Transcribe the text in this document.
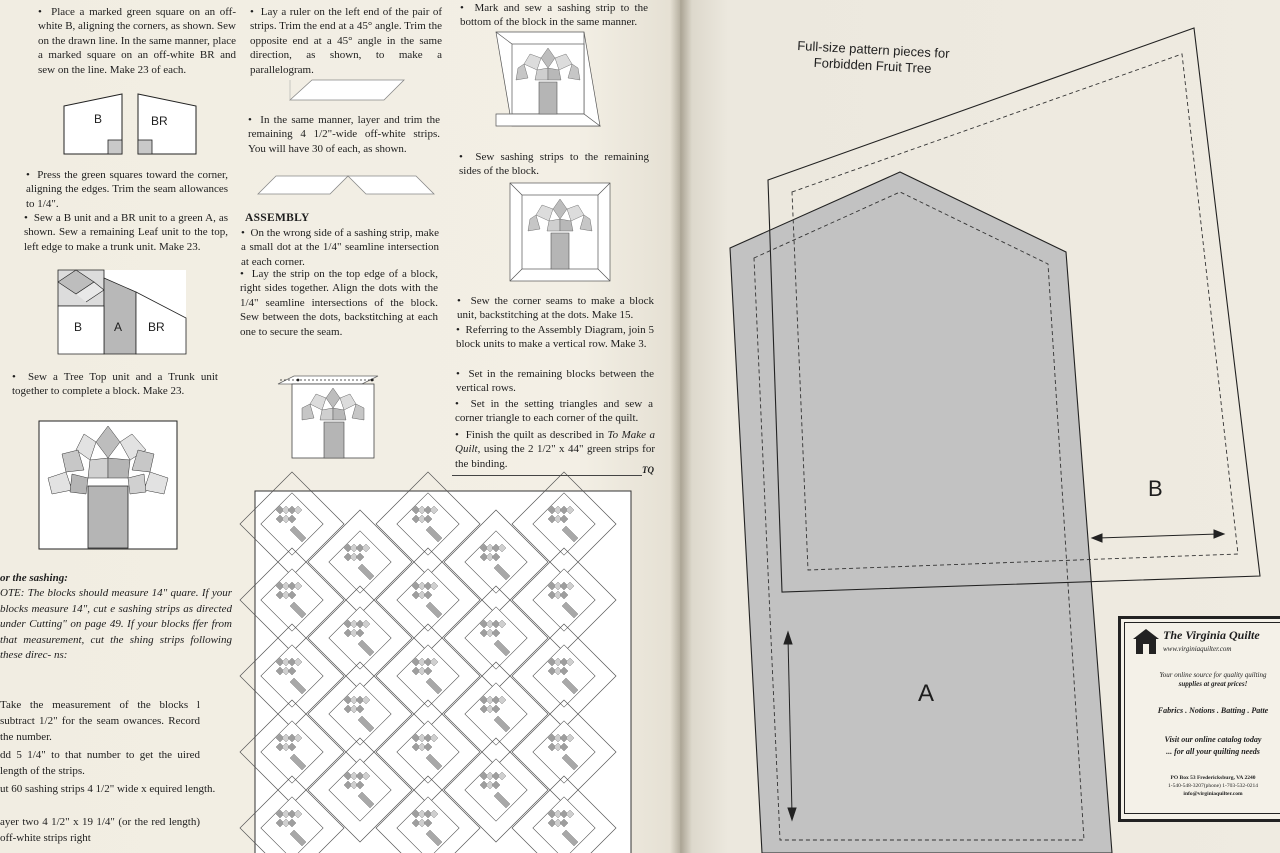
•  Place a marked green square on an off-white B, aligning the corners, as shown. Sew on the drawn line. In the same manner, place a marked square on an off-white BR and sew on the line. Make 23 of each.

B	BR

•  Press the green squares toward the corner, aligning the edges. Trim the seam allowances to 1/4".

•  Sew a B unit and a BR unit to a green A, as shown. Sew a remaining Leaf unit to the top, left edge to make a trunk unit. Make 23.

B	A BR

•  Sew a Tree Top unit and a Trunk unit together to complete a block. Make 23.

or the sashing:

OTE: The blocks should measure 14" quare. If your blocks measure 14", cut e sashing strips as directed under Cutting" on page 49. If your blocks ffer from that measurement, cut the shing strips following these direc- ns:

Take the measurement of the blocks l subtract 1/2" for the seam owances. Record the number.

dd 5 1/4" to that number to get the uired length of the strips.

ut 60 sashing strips 4 1/2" wide x equired length.

ayer two 4 1/2" x 19 1/4" (or the red length) off-white strips right

•  Lay a ruler on the left end of the pair of strips. Trim the end at a 45° angle. Trim the opposite end at a 45° angle in the same direction, as shown, to make a parallelogram.

•  In the same manner, layer and trim the remaining 4 1/2"-wide off-white strips. You will have 30 of each, as shown.

ASSEMBLY

•  On the wrong side of a sashing strip, make a small dot at the 1/4" seamline intersection at each corner.

•  Lay the strip on the top edge of a block, right sides together. Align the dots with the 1/4" seamline intersections of the block. Sew between the dots, backstitching at each one to secure the seam.

•  Mark and sew a sashing strip to the bottom of the block in the same manner.

•  Sew sashing strips to the remaining sides of the block.

•  Sew the corner seams to make a block unit, backstitching at the dots. Make 15.

•  Referring to the Assembly Diagram, join 5 block units to make a vertical row. Make 3.

•  Set in the remaining blocks between the vertical rows.

•  Set in the setting triangles and sew a corner triangle to each corner of the quilt.

•  Finish the quilt as described in To Make a Quilt, using the 2 1/2" x 44" green strips for the binding.

TQ
Full-size pattern pieces for
Forbidden Fruit Tree
B
A
The Virginia Quilte
www.virginiaquilter.com
Your online source for quality quilting
supplies at great prices!
Fabrics . Notions . Batting . Patte
Visit our online catalog today
... for all your quilting needs
PO Box 53 Fredericksburg, VA 2240
1-540-548-3207(phone) 1-703-532-0214
info@virginiaquilter.com
